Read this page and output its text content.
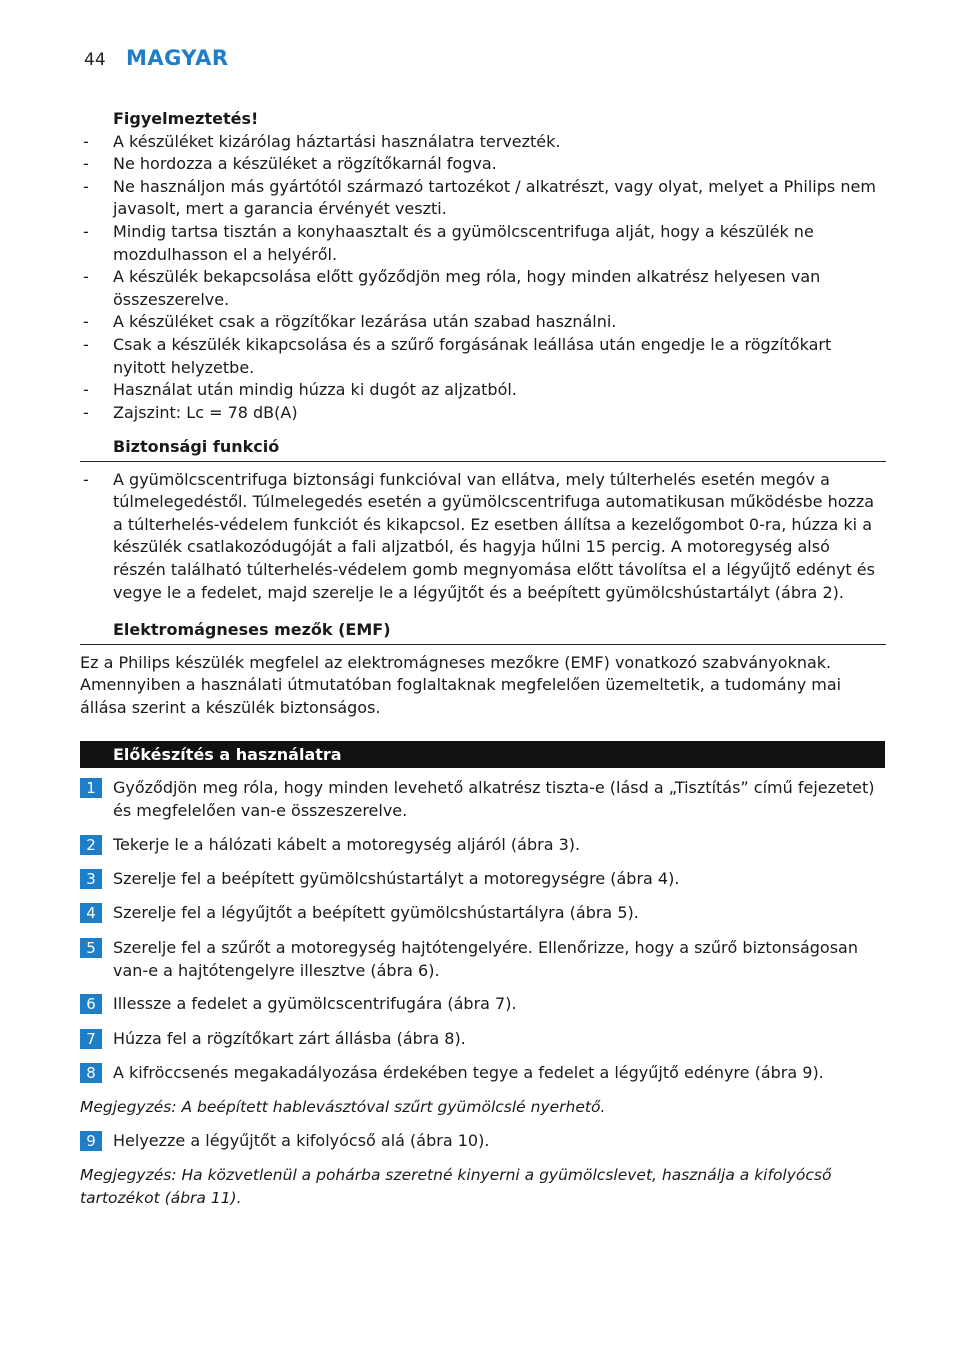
44 MAGYAR
Figyelmeztetés!
- A készüléket kizárólag háztartási használatra tervezték.
- Ne hordozza a készüléket a rögzítőkarnál fogva.
- Ne használjon más gyártótól származó tartozékot / alkatrészt, vagy olyat, melyet a Philips nem javasolt, mert a garancia érvényét veszti.
- Mindig tartsa tisztán a konyhaasztalt és a gyümölcscentrifuga alját, hogy a készülék ne mozdulhasson el a helyéről.
- A készülék bekapcsolása előtt győződjön meg róla, hogy minden alkatrész helyesen van összeszerelve.
- A készüléket csak a rögzítőkar lezárása után szabad használni.
- Csak a készülék kikapcsolása és a szűrő forgásának leállása után engedje le a rögzítőkart nyitott helyzetbe.
- Használat után mindig húzza ki dugót az aljzatból.
- Zajszint: Lc = 78 dB(A)
Biztonsági funkció
- A gyümölcscentrifuga biztonsági funkcióval van ellátva, mely túlterhelés esetén megóv a túlmelegedéstől. Túlmelegedés esetén a gyümölcscentrifuga automatikusan működésbe hozza a túlterhelés-védelem funkciót és kikapcsol. Ez esetben állítsa a kezelőgombot 0-ra, húzza ki a készülék csatlakozódugóját a fali aljzatból, és hagyja hűlni 15 percig. A motoregység alsó részén található túlterhelés-védelem gomb megnyomása előtt távolítsa el a légyűjtő edényt és vegye le a fedelet, majd szerelje le a légyűjtőt és a beépített gyümölcshústartályt (ábra 2).
Elektromágneses mezők (EMF)
Ez a Philips készülék megfelel az elektromágneses mezőkre (EMF) vonatkozó szabványoknak. Amennyiben a használati útmutatóban foglaltaknak megfelelően üzemeltetik, a tudomány mai állása szerint a készülék biztonságos.
Előkészítés a használatra
1	Győződjön meg róla, hogy minden levehető alkatrész tiszta-e (lásd a „Tisztítás” című fejezetet) és megfelelően van-e összeszerelve.
2	Tekerje le a hálózati kábelt a motoregység aljáról (ábra 3).
3	Szerelje fel a beépített gyümölcshústartályt a motoregységre (ábra 4).
4	Szerelje fel a légyűjtőt a beépített gyümölcshústartályra (ábra 5).
5	Szerelje fel a szűrőt a motoregység hajtótengelyére. Ellenőrizze, hogy a szűrő biztonságosan van-e a hajtótengelyre illesztve (ábra 6).
6	Illessze a fedelet a gyümölcscentrifugára (ábra 7).
7	Húzza fel a rögzítőkart zárt állásba (ábra 8).
8	A kifröccsenés megakadályozása érdekében tegye a fedelet a légyűjtő edényre (ábra 9).
Megjegyzés: A beépített hablevásztóval szűrt gyümölcslé nyerhető.
9	Helyezze a légyűjtőt a kifolyócső alá (ábra 10).
Megjegyzés: Ha közvetlenül a pohárba szeretné kinyerni a gyümölcslevet, használja a kifolyócső tartozékot (ábra 11).
